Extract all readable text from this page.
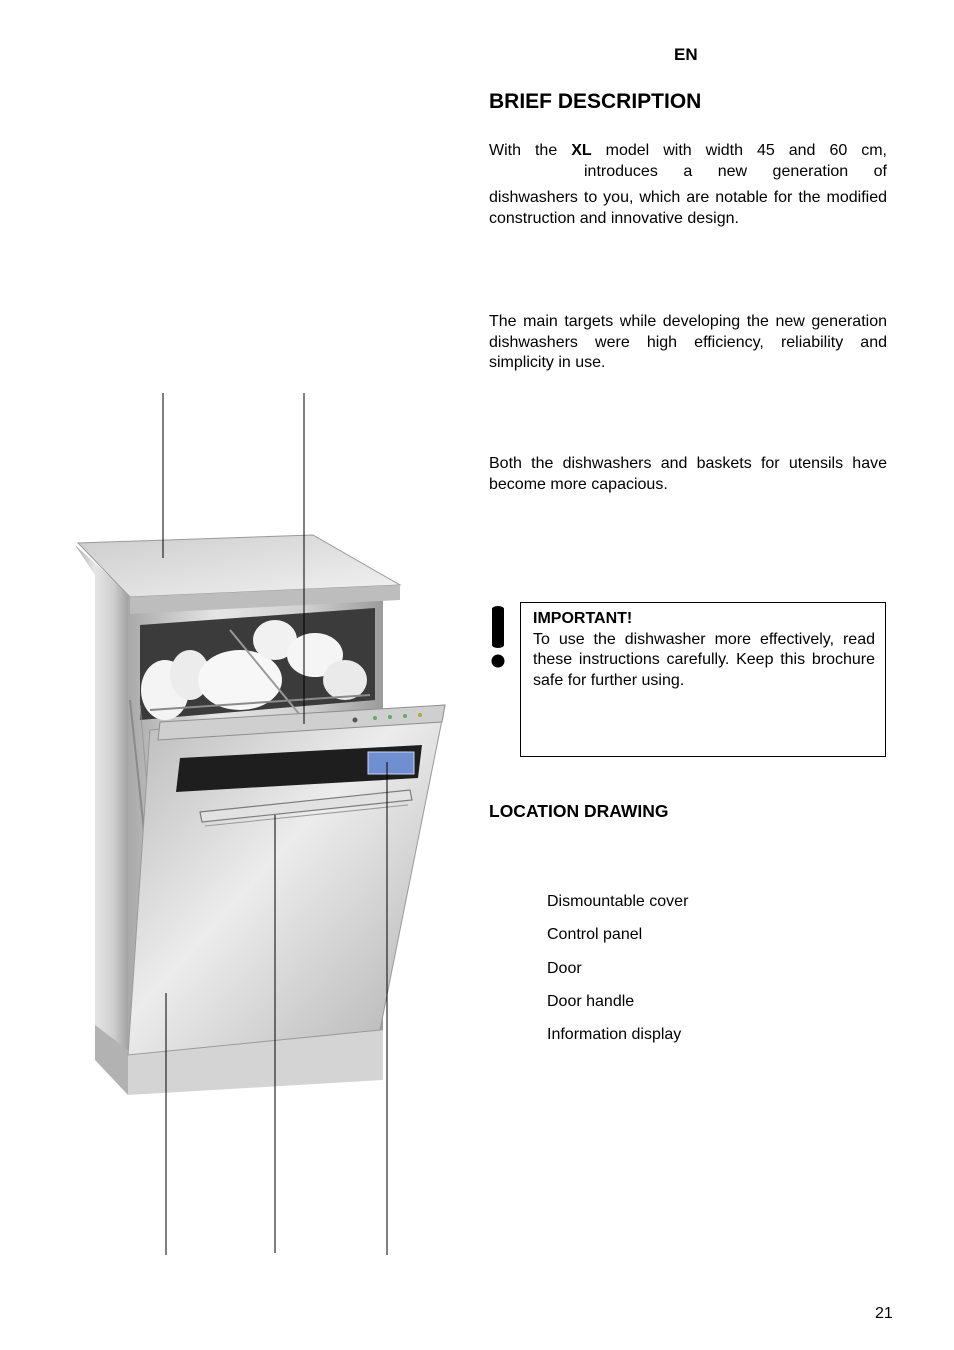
EN
BRIEF DESCRIPTION
With the XL model with width 45 and 60 cm,
introduces a new generation of
dishwashers to you, which are notable for the modified construction and innovative design.
The main targets while developing the new generation dishwashers were high efficiency, reliability and simplicity in use.
Both the dishwashers and baskets for utensils have become more capacious.
IMPORTANT!
To use the dishwasher more effectively, read these instructions carefully. Keep this brochure safe for further using.
LOCATION DRAWING
Dismountable cover
Control panel
Door
Door handle
Information display
21
